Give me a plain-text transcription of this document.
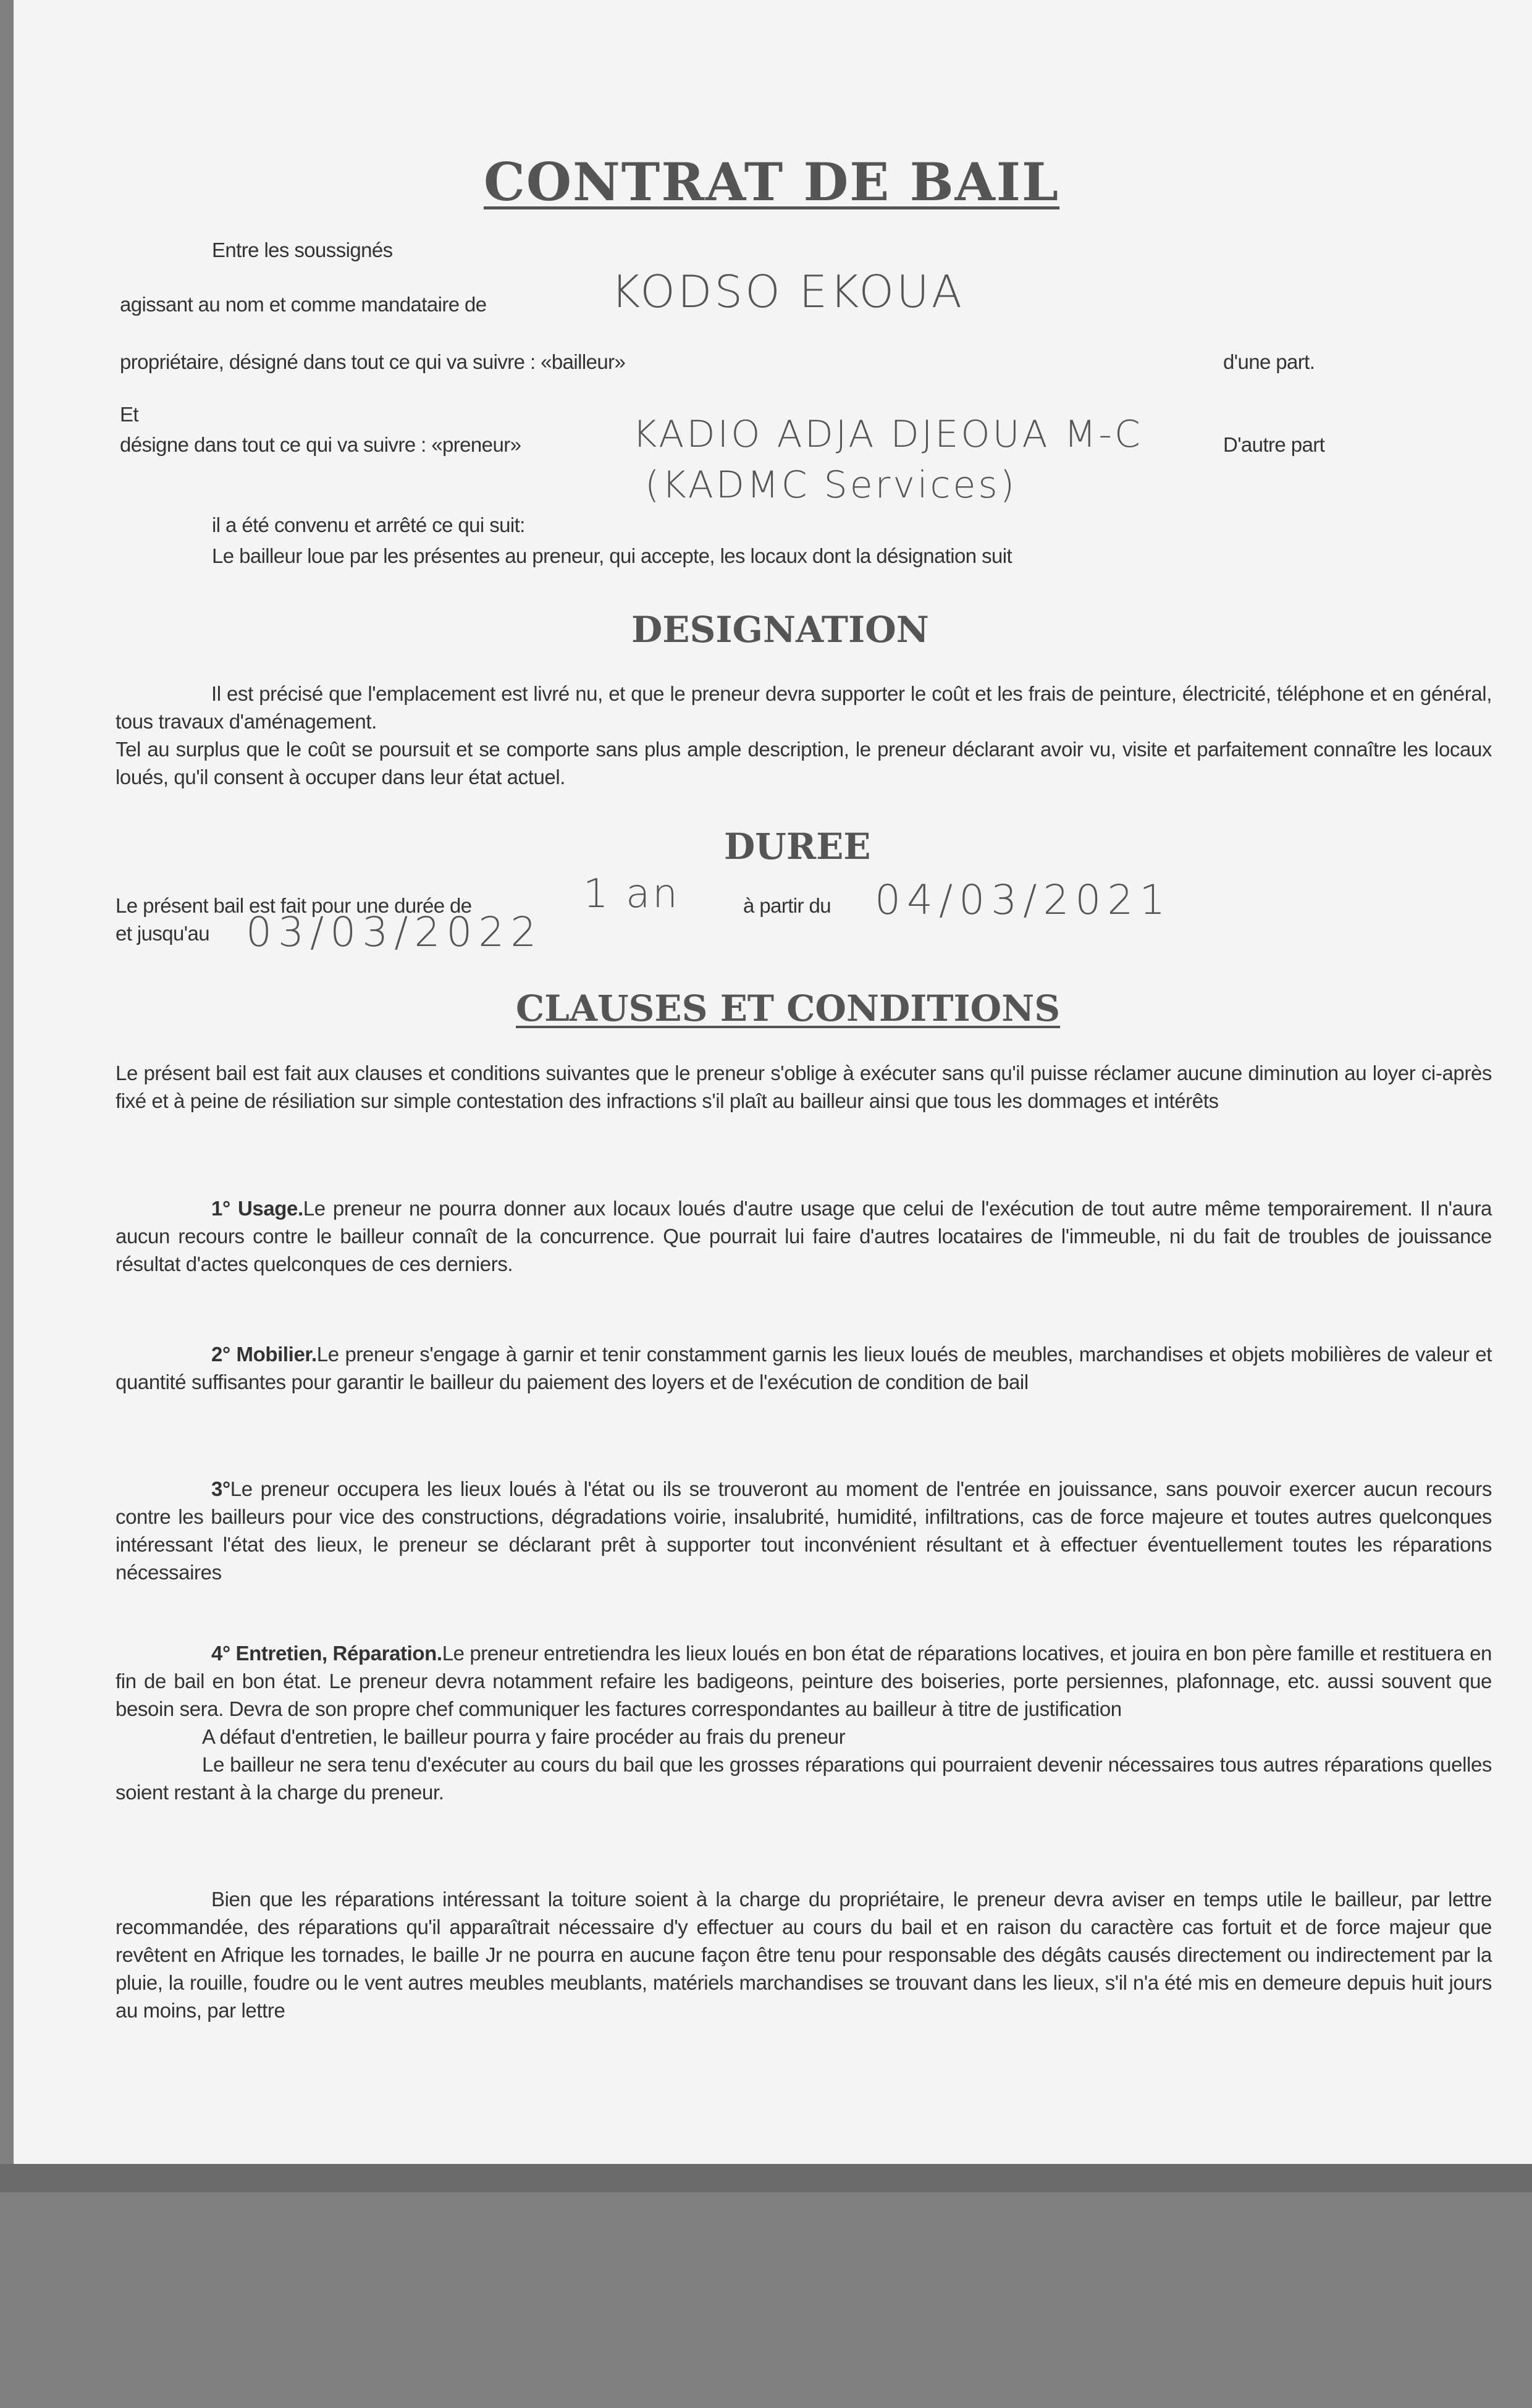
CONTRAT DE BAIL
Entre les soussignés
agissant au nom et comme mandataire de	KODSO EKOUA
propriétaire, désigné dans tout ce qui va suivre : «bailleur»	d'une part.
Et
désigne dans tout ce qui va suivre : «preneur»	KADIO ADJA DJEOUA M-C
(KADMC Services)
D'autre part
il a été convenu et arrêté ce qui suit:
Le bailleur loue par les présentes au preneur, qui accepte, les locaux dont la désignation suit
DESIGNATION
Il est précisé que l'emplacement est livré nu, et que le preneur devra supporter le coût et les frais de peinture, électricité, téléphone et en général, tous travaux d'aménagement.
Tel au surplus que le coût se poursuit et se comporte sans plus ample description, le preneur déclarant avoir vu, visite et parfaitement connaître les locaux loués, qu'il consent à occuper dans leur état actuel.
DUREE
Le présent bail est fait pour une durée de	1 an	à partir du 04/03/2021
et jusqu'au 03/03/2022
CLAUSES ET CONDITIONS
Le présent bail est fait aux clauses et conditions suivantes que le preneur s'oblige à exécuter sans qu'il puisse réclamer aucune diminution au loyer ci-après fixé et à peine de résiliation sur simple contestation des infractions s'il plaît au bailleur ainsi que tous les dommages et intérêts
1° Usage.Le preneur ne pourra donner aux locaux loués d'autre usage que celui de l'exécution de tout autre même temporairement. Il n'aura aucun recours contre le bailleur connaît de la concurrence. Que pourrait lui faire d'autres locataires de l'immeuble, ni du fait de troubles de jouissance résultat d'actes quelconques de ces derniers.
2° Mobilier.Le preneur s'engage à garnir et tenir constamment garnis les lieux loués de meubles, marchandises et objets mobilières de valeur et quantité suffisantes pour garantir le bailleur du paiement des loyers et de l'exécution de condition de bail
3°Le preneur occupera les lieux loués à l'état ou ils se trouveront au moment de l'entrée en jouissance, sans pouvoir exercer aucun recours contre les bailleurs pour vice des constructions, dégradations voirie, insalubrité, humidité, infiltrations, cas de force majeure et toutes autres quelconques intéressant l'état des lieux, le preneur se déclarant prêt à supporter tout inconvénient résultant et à effectuer éventuellement toutes les réparations nécessaires
4° Entretien, Réparation.Le preneur entretiendra les lieux loués en bon état de réparations locatives, et jouira en bon père famille et restituera en fin de bail en bon état. Le preneur devra notamment refaire les badigeons, peinture des boiseries, porte persiennes, plafonnage, etc. aussi souvent que besoin sera. Devra de son propre chef communiquer les factures correspondantes au bailleur à titre de justification
A défaut d'entretien, le bailleur pourra y faire procéder au frais du preneur
Le bailleur ne sera tenu d'exécuter au cours du bail que les grosses réparations qui pourraient devenir nécessaires tous autres réparations quelles soient restant à la charge du preneur.
Bien que les réparations intéressant la toiture soient à la charge du propriétaire, le preneur devra aviser en temps utile le bailleur, par lettre recommandée, des réparations qu'il apparaîtrait nécessaire d'y effectuer au cours du bail et en raison du caractère cas fortuit et de force majeur que revêtent en Afrique les tornades, le baille Jr ne pourra en aucune façon être tenu pour responsable des dégâts causés directement ou indirectement par la pluie, la rouille, foudre ou le vent autres meubles meublants, matériels marchandises se trouvant dans les lieux, s'il n'a été mis en demeure depuis huit jours au moins, par lettre
